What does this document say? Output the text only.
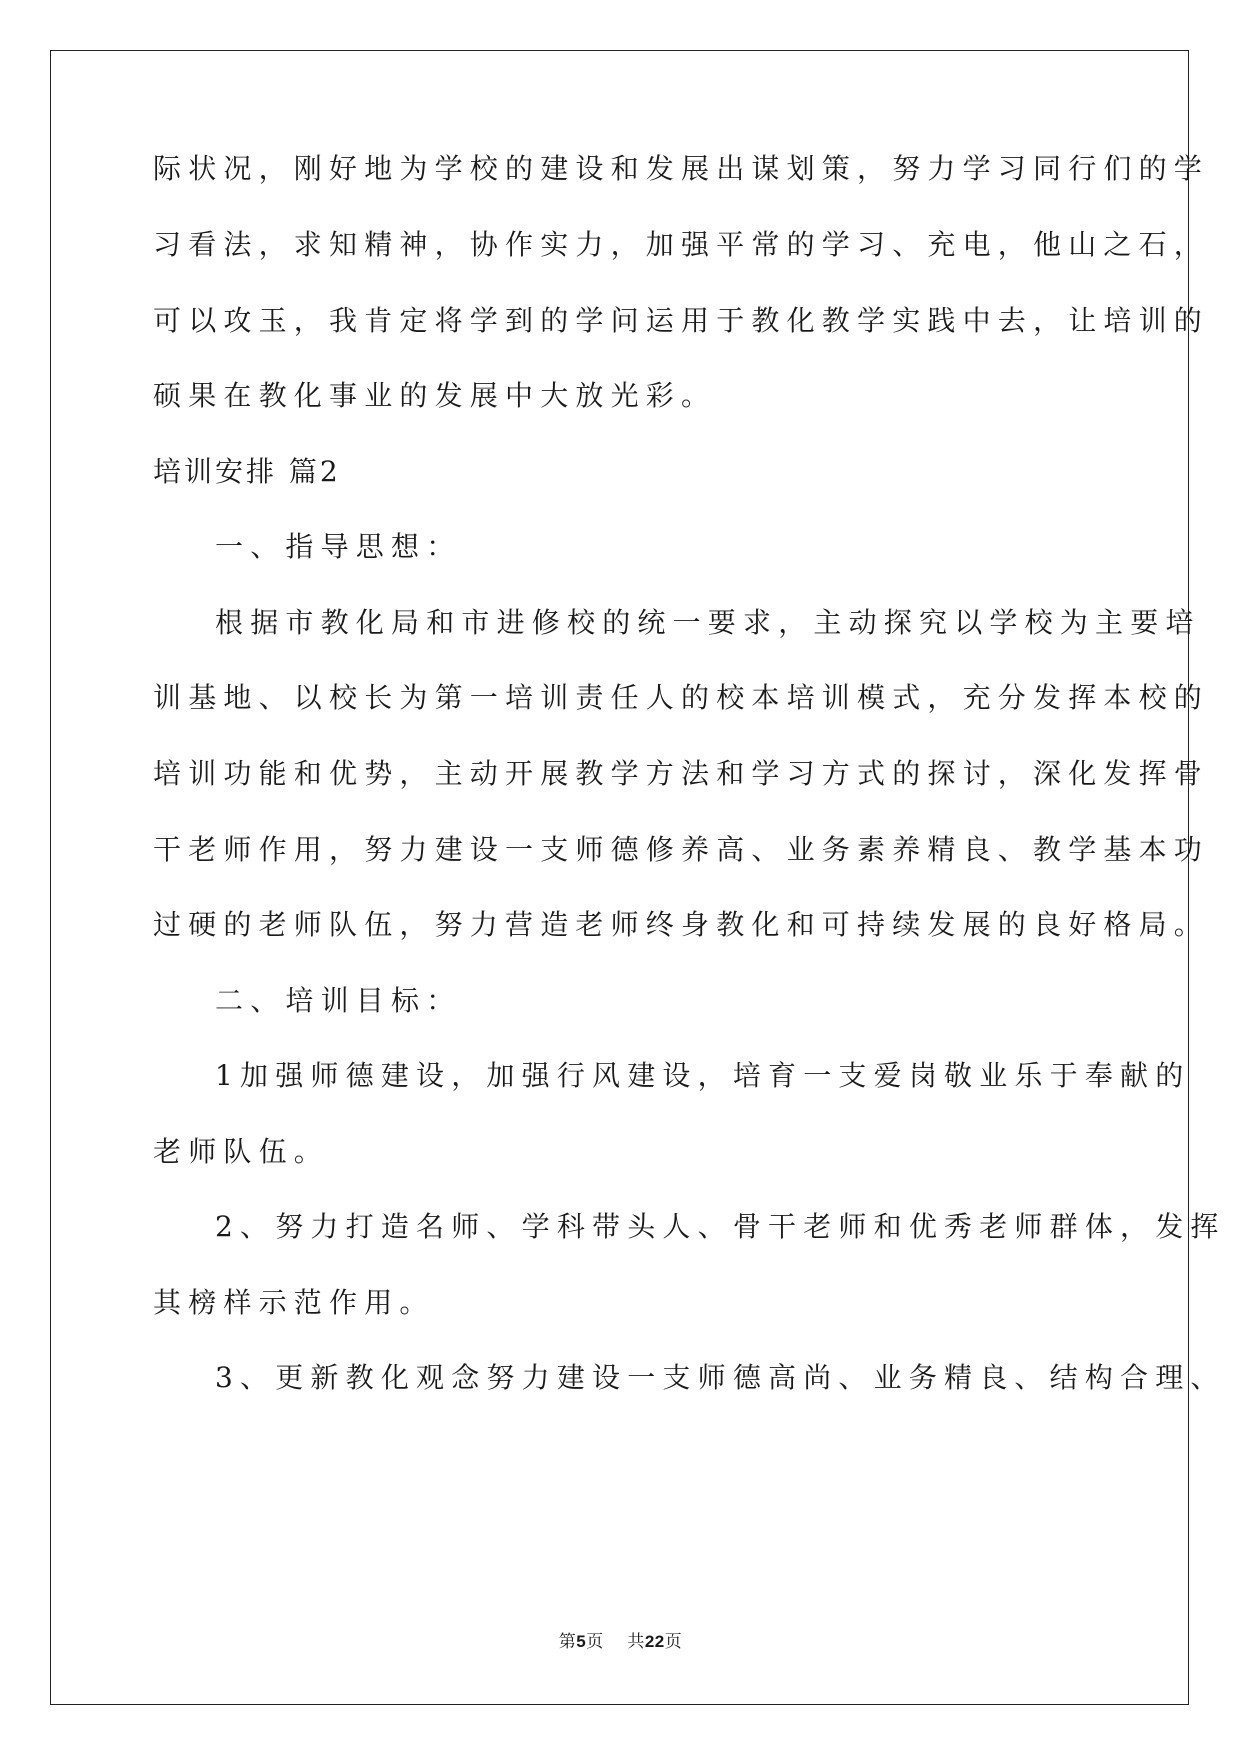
际状况，刚好地为学校的建设和发展出谋划策，努力学习同行们的学
习看法，求知精神，协作实力，加强平常的学习、充电，他山之石，
可以攻玉，我肯定将学到的学问运用于教化教学实践中去，让培训的
硕果在教化事业的发展中大放光彩。
培训安排 篇2
一、指导思想：
根据市教化局和市进修校的统一要求，主动探究以学校为主要培
训基地、以校长为第一培训责任人的校本培训模式，充分发挥本校的
培训功能和优势，主动开展教学方法和学习方式的探讨，深化发挥骨
干老师作用，努力建设一支师德修养高、业务素养精良、教学基本功
过硬的老师队伍，努力营造老师终身教化和可持续发展的良好格局。
二、培训目标：
1加强师德建设，加强行风建设，培育一支爱岗敬业乐于奉献的
老师队伍。
2、努力打造名师、学科带头人、骨干老师和优秀老师群体，发挥
其榜样示范作用。
3、更新教化观念努力建设一支师德高尚、业务精良、结构合理、
第5页 共22页
